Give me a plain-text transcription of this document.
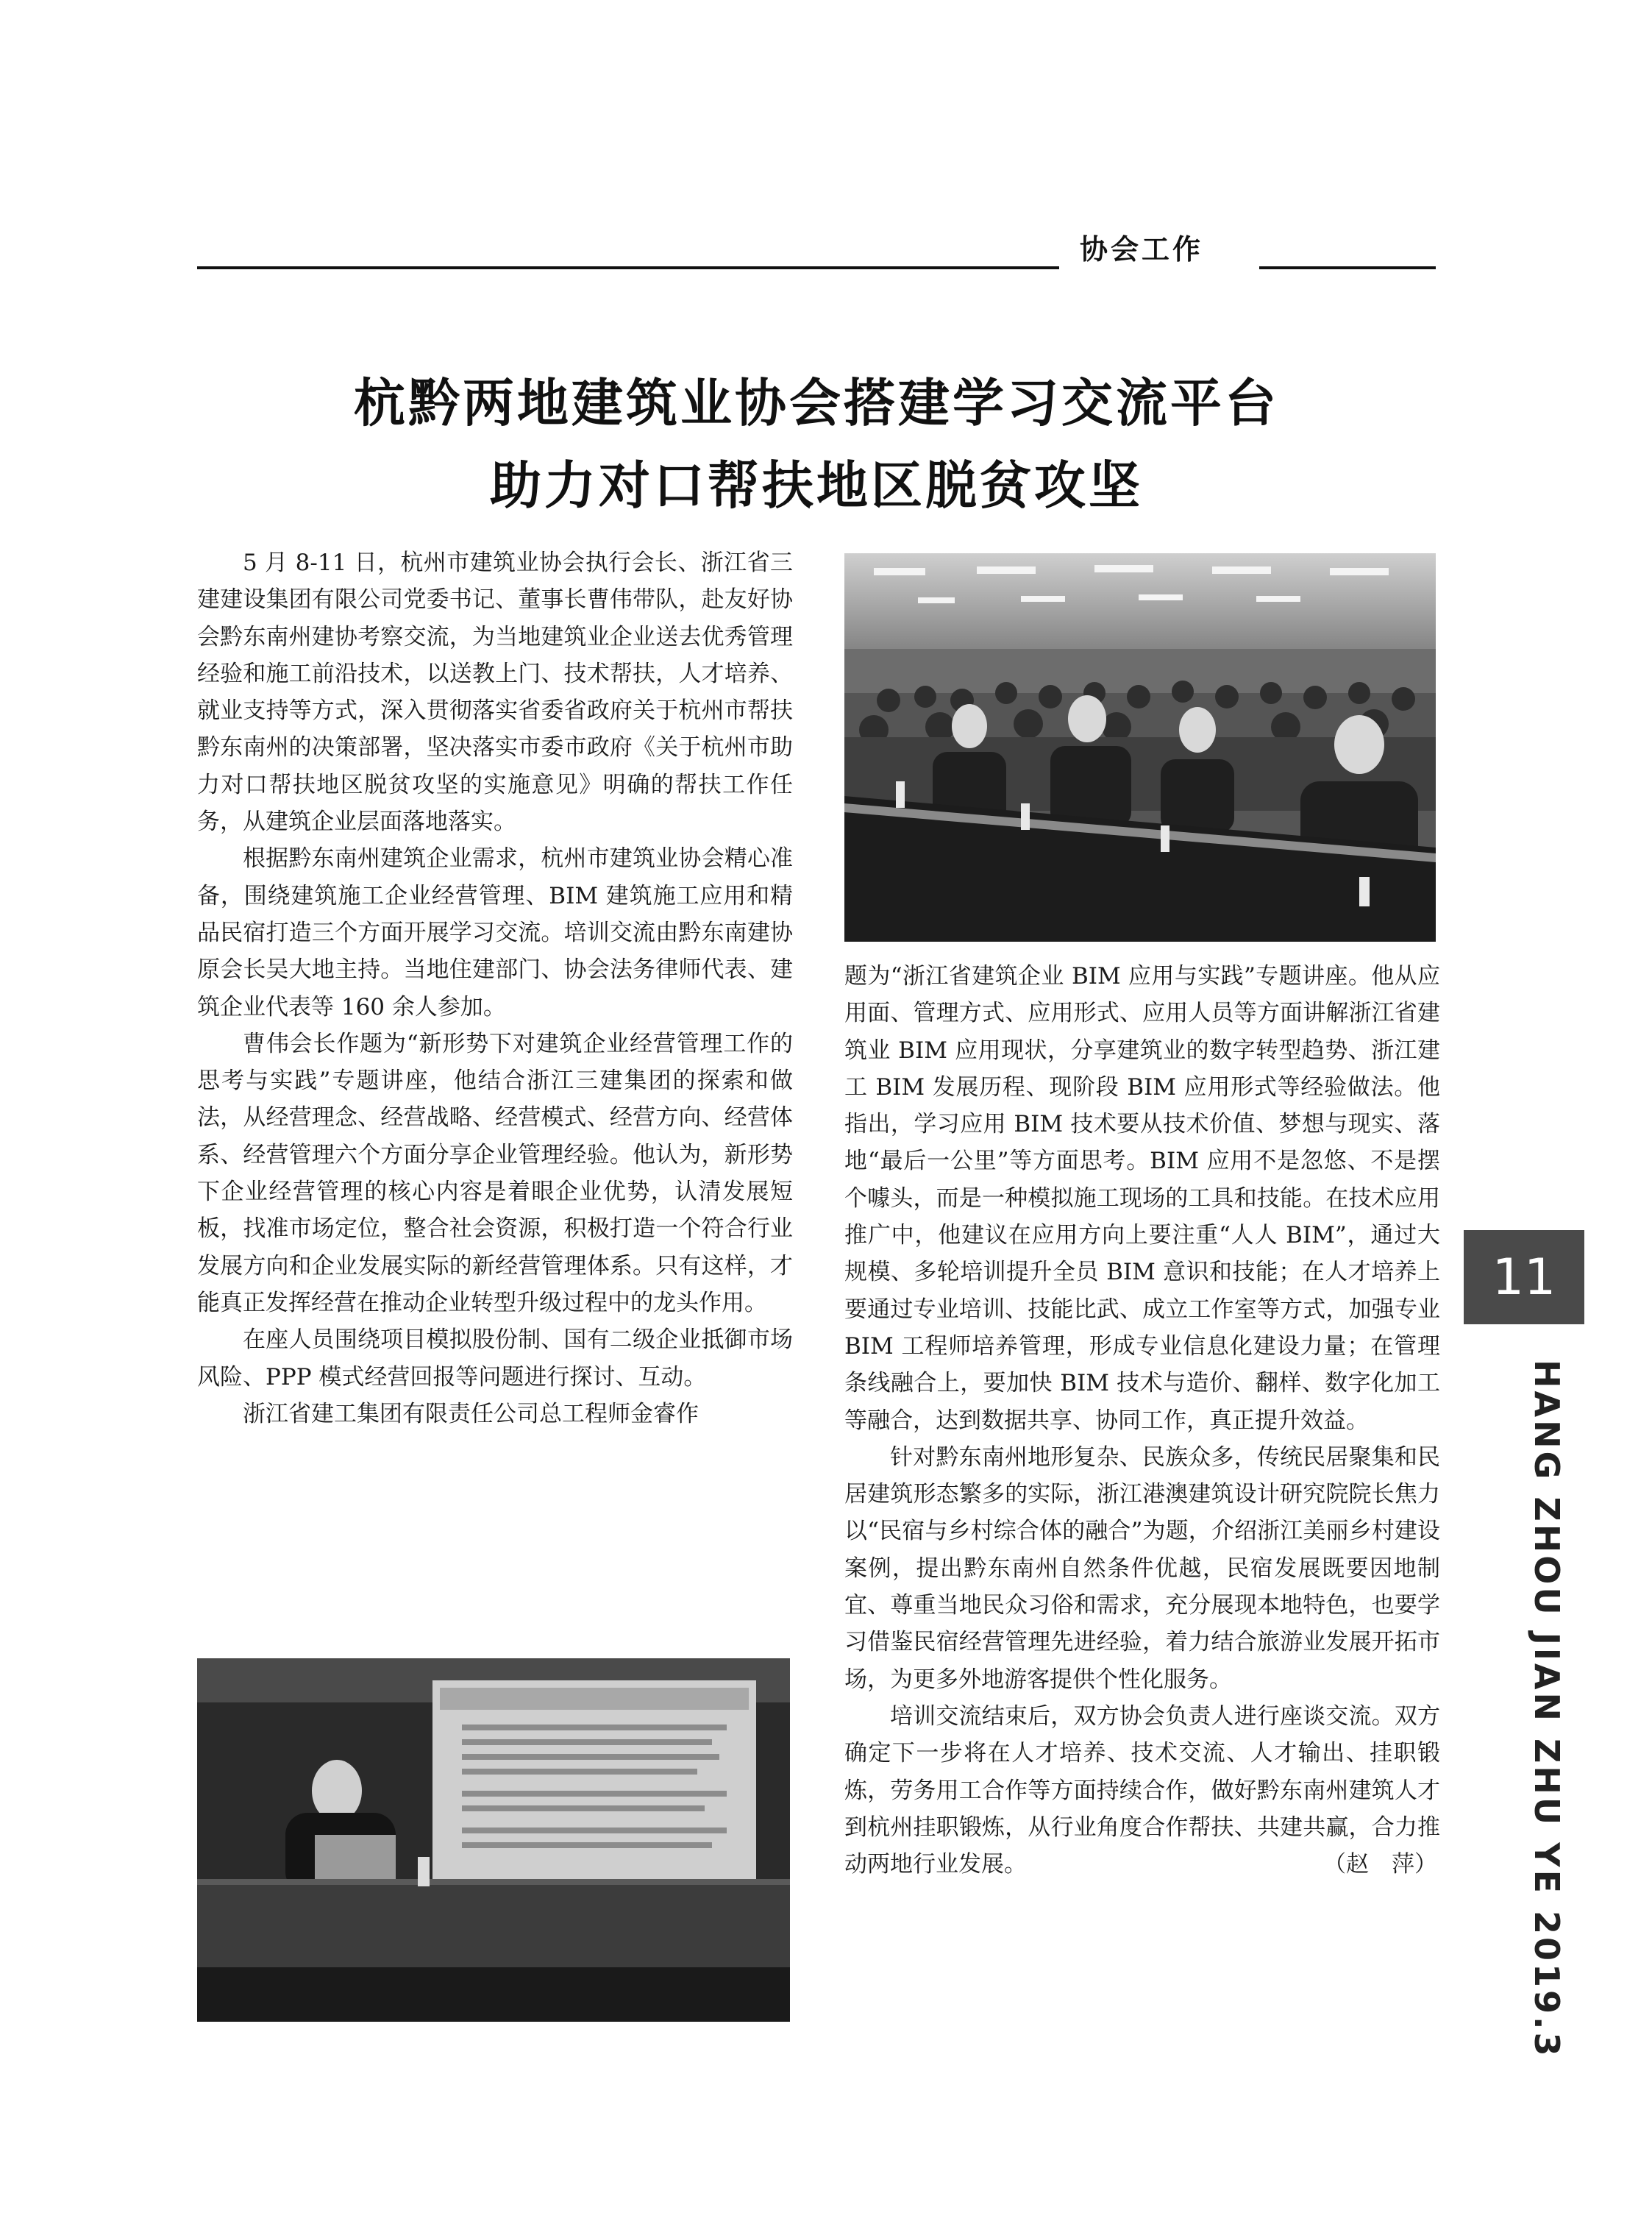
协会工作
杭黔两地建筑业协会搭建学习交流平台
助力对口帮扶地区脱贫攻坚

5 月 8-11 日，杭州市建筑业协会执行会长、浙江省三建建设集团有限公司党委书记、董事长曹伟带队，赴友好协会黔东南州建协考察交流，为当地建筑业企业送去优秀管理经验和施工前沿技术，以送教上门、技术帮扶，人才培养、就业支持等方式，深入贯彻落实省委省政府关于杭州市帮扶黔东南州的决策部署，坚决落实市委市政府《关于杭州市助力对口帮扶地区脱贫攻坚的实施意见》明确的帮扶工作任务，从建筑企业层面落地落实。

根据黔东南州建筑企业需求，杭州市建筑业协会精心准备，围绕建筑施工企业经营管理、BIM 建筑施工应用和精品民宿打造三个方面开展学习交流。培训交流由黔东南建协原会长吴大地主持。当地住建部门、协会法务律师代表、建筑企业代表等 160 余人参加。

曹伟会长作题为“新形势下对建筑企业经营管理工作的思考与实践”专题讲座，他结合浙江三建集团的探索和做法，从经营理念、经营战略、经营模式、经营方向、经营体系、经营管理六个方面分享企业管理经验。他认为，新形势下企业经营管理的核心内容是着眼企业优势，认清发展短板，找准市场定位，整合社会资源，积极打造一个符合行业发展方向和企业发展实际的新经营管理体系。只有这样，才能真正发挥经营在推动企业转型升级过程中的龙头作用。

在座人员围绕项目模拟股份制、国有二级企业抵御市场风险、PPP 模式经营回报等问题进行探讨、互动。

浙江省建工集团有限责任公司总工程师金睿作

题为“浙江省建筑企业 BIM 应用与实践”专题讲座。他从应用面、管理方式、应用形式、应用人员等方面讲解浙江省建筑业 BIM 应用现状，分享建筑业的数字转型趋势、浙江建工 BIM 发展历程、现阶段 BIM 应用形式等经验做法。他指出，学习应用 BIM 技术要从技术价值、梦想与现实、落地“最后一公里”等方面思考。BIM 应用不是忽悠、不是摆个噱头，而是一种模拟施工现场的工具和技能。在技术应用推广中，他建议在应用方向上要注重“人人 BIM”，通过大规模、多轮培训提升全员 BIM 意识和技能；在人才培养上要通过专业培训、技能比武、成立工作室等方式，加强专业 BIM 工程师培养管理，形成专业信息化建设力量；在管理条线融合上，要加快 BIM 技术与造价、翻样、数字化加工等融合，达到数据共享、协同工作，真正提升效益。

针对黔东南州地形复杂、民族众多，传统民居聚集和民居建筑形态繁多的实际，浙江港澳建筑设计研究院院长焦力以“民宿与乡村综合体的融合”为题，介绍浙江美丽乡村建设案例，提出黔东南州自然条件优越，民宿发展既要因地制宜、尊重当地民众习俗和需求，充分展现本地特色，也要学习借鉴民宿经营管理先进经验，着力结合旅游业发展开拓市场，为更多外地游客提供个性化服务。

培训交流结束后，双方协会负责人进行座谈交流。双方确定下一步将在人才培养、技术交流、人才输出、挂职锻炼，劳务用工合作等方面持续合作，做好黔东南州建筑人才到杭州挂职锻炼，从行业角度合作帮扶、共建共赢，合力推动两地行业发展。	（赵　萍）

11
HANG ZHOU JIAN ZHU YE 2019.3
